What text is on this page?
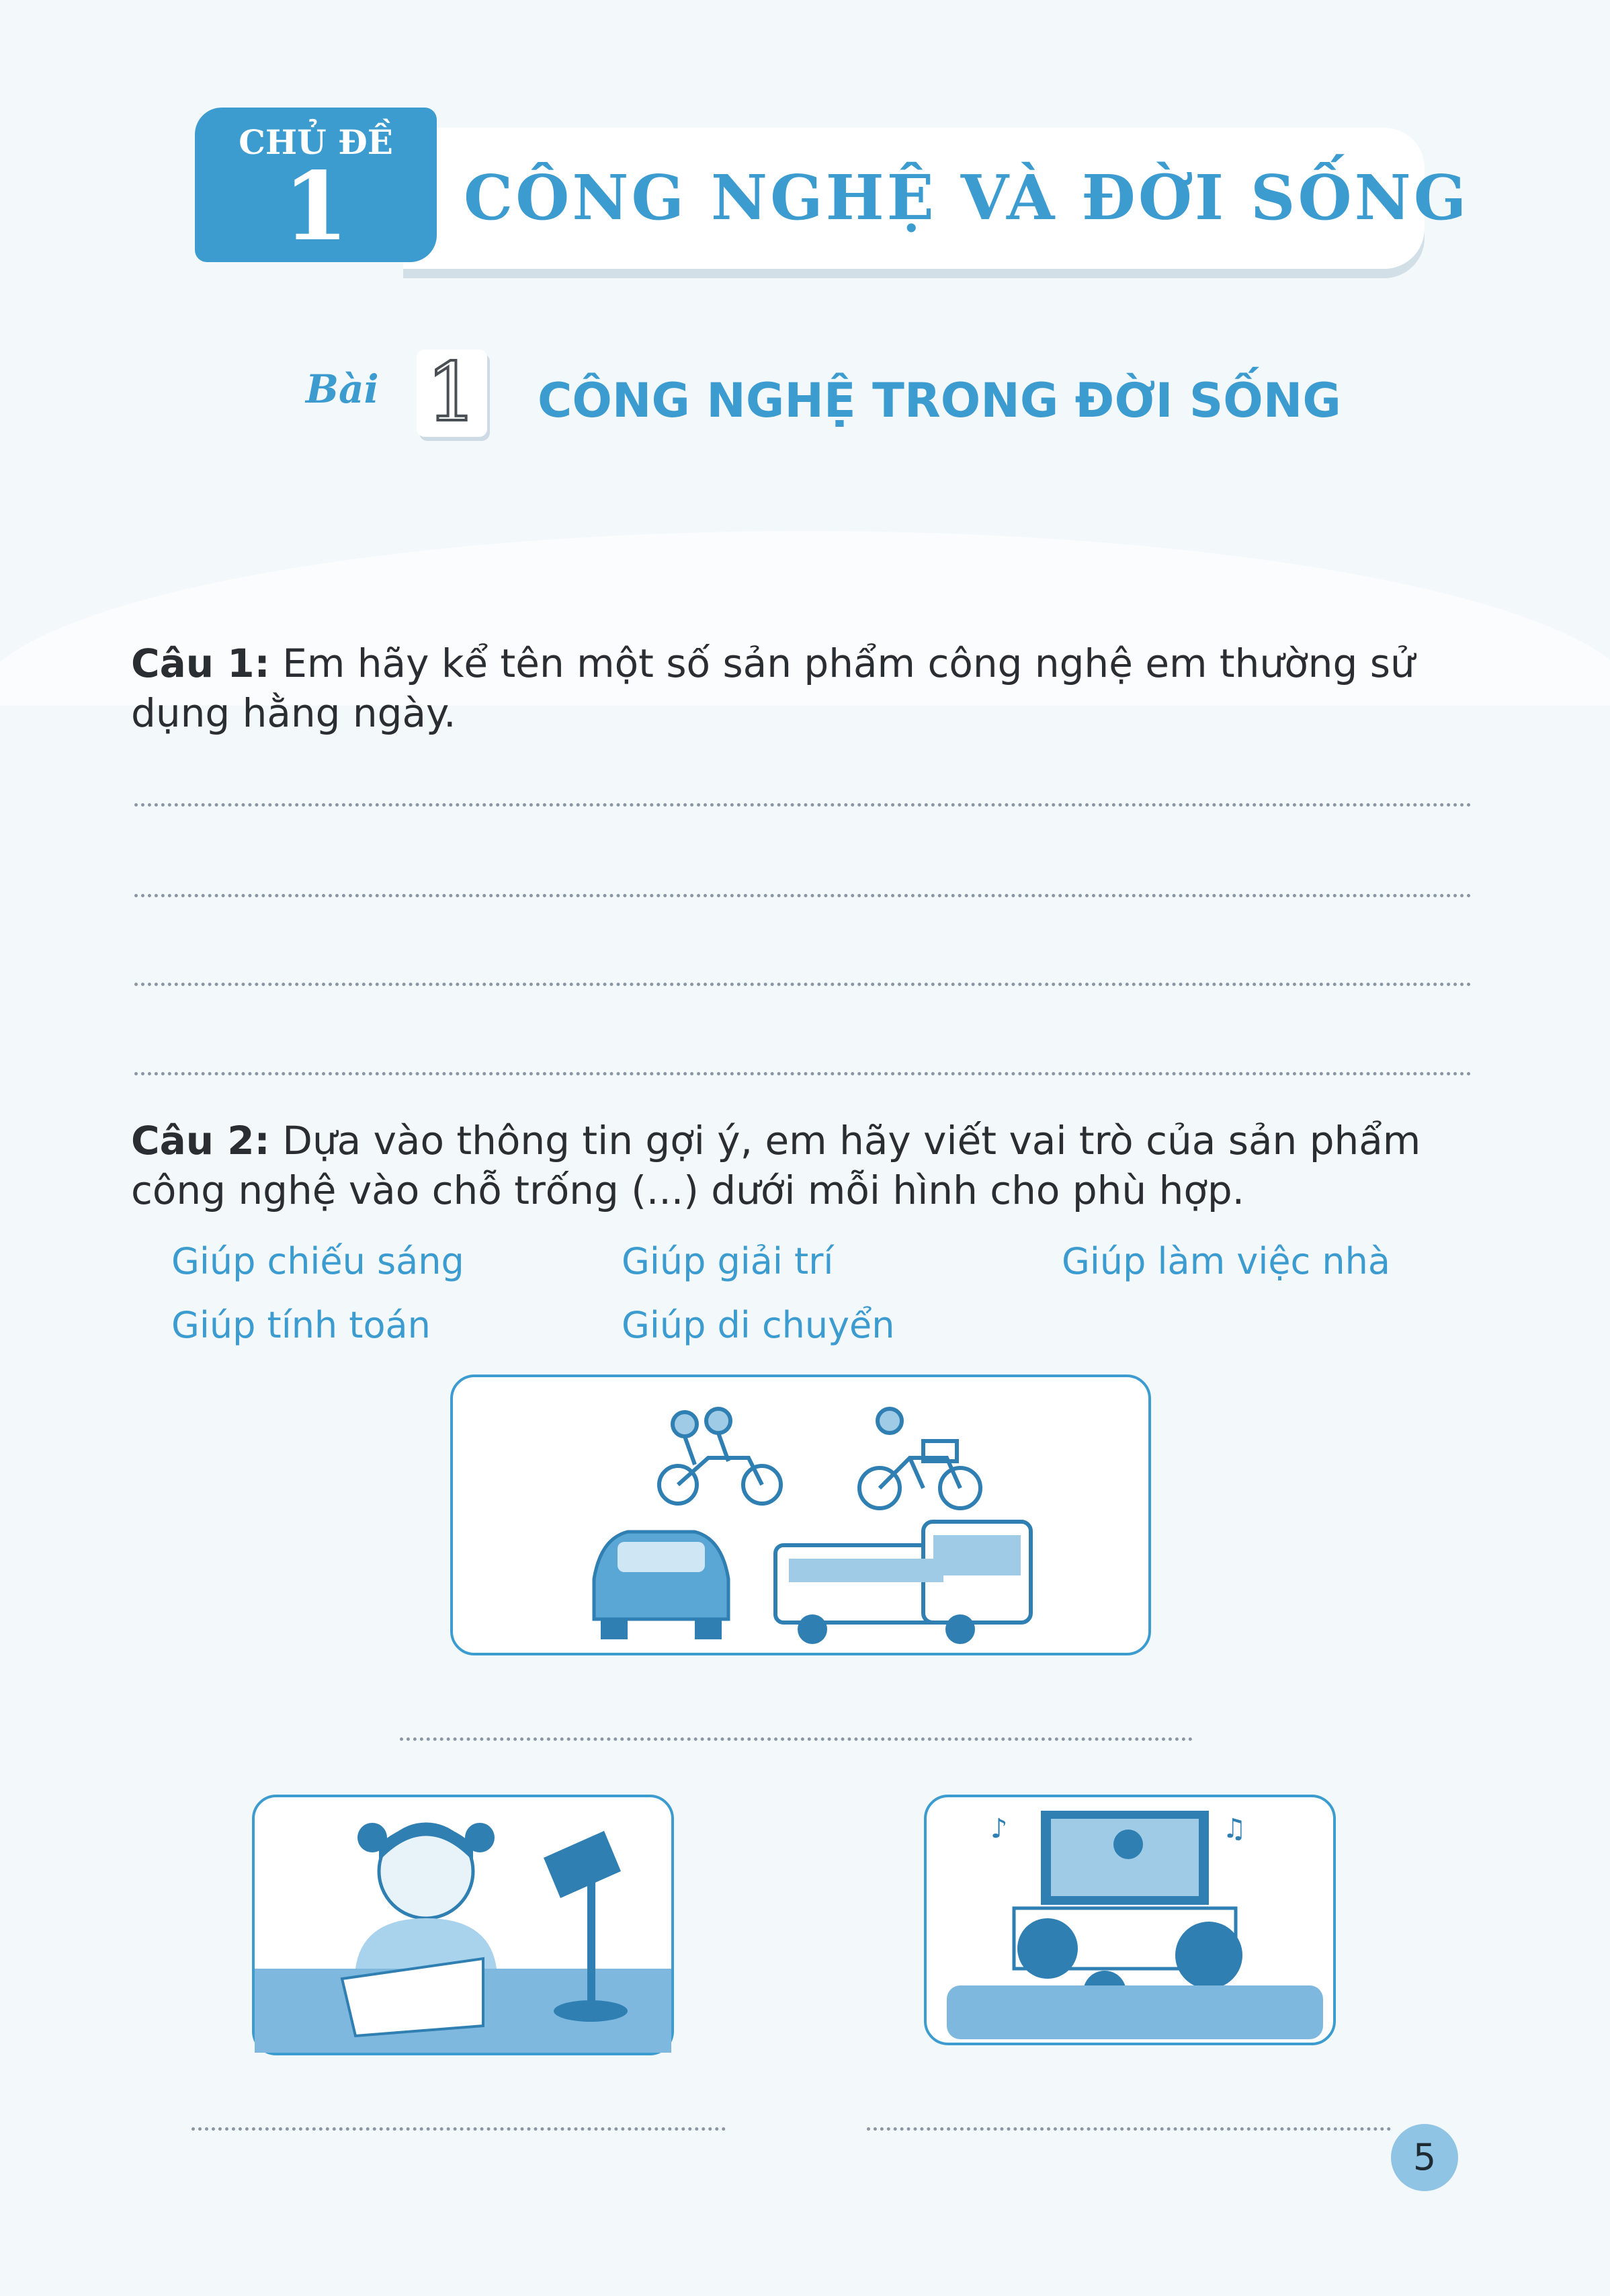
CHỦ ĐỀ
1	CÔNG NGHỆ VÀ ĐỜI SỐNG
Bài 1 CÔNG NGHỆ TRONG ĐỜI SỐNG
Câu 1: Em hãy kể tên một số sản phẩm công nghệ em thường sử dụng hằng ngày.
Câu 2: Dựa vào thông tin gợi ý, em hãy viết vai trò của sản phẩm công nghệ vào chỗ trống (...) dưới mỗi hình cho phù hợp.
Giúp chiếu sáng	Giúp giải trí	Giúp làm việc nhà
Giúp tính toán	Giúp di chuyển
♪	♫
5
